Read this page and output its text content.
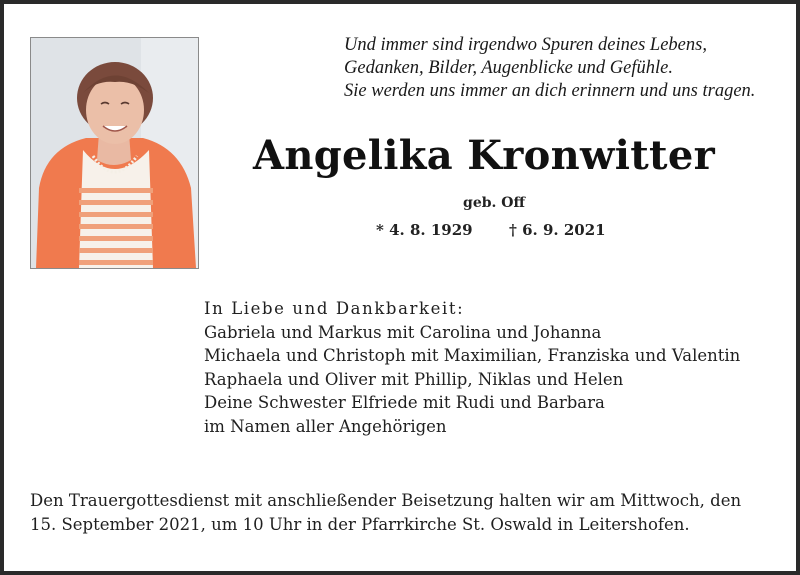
Und immer sind irgendwo Spuren deines Lebens,
Gedanken, Bilder, Augenblicke und Gefühle.
Sie werden uns immer an dich erinnern und uns tragen.
Angelika Kronwitter
geb. Off
* 4. 8. 1929 † 6. 9. 2021
In Liebe und Dankbarkeit:
Gabriela und Markus mit Carolina und Johanna
Michaela und Christoph mit Maximilian, Franziska und Valentin
Raphaela und Oliver mit Phillip, Niklas und Helen
Deine Schwester Elfriede mit Rudi und Barbara
im Namen aller Angehörigen
Den Trauergottesdienst mit anschließender Beisetzung halten wir am Mittwoch, den
15. September 2021, um 10 Uhr in der Pfarrkirche St. Oswald in Leitershofen.
